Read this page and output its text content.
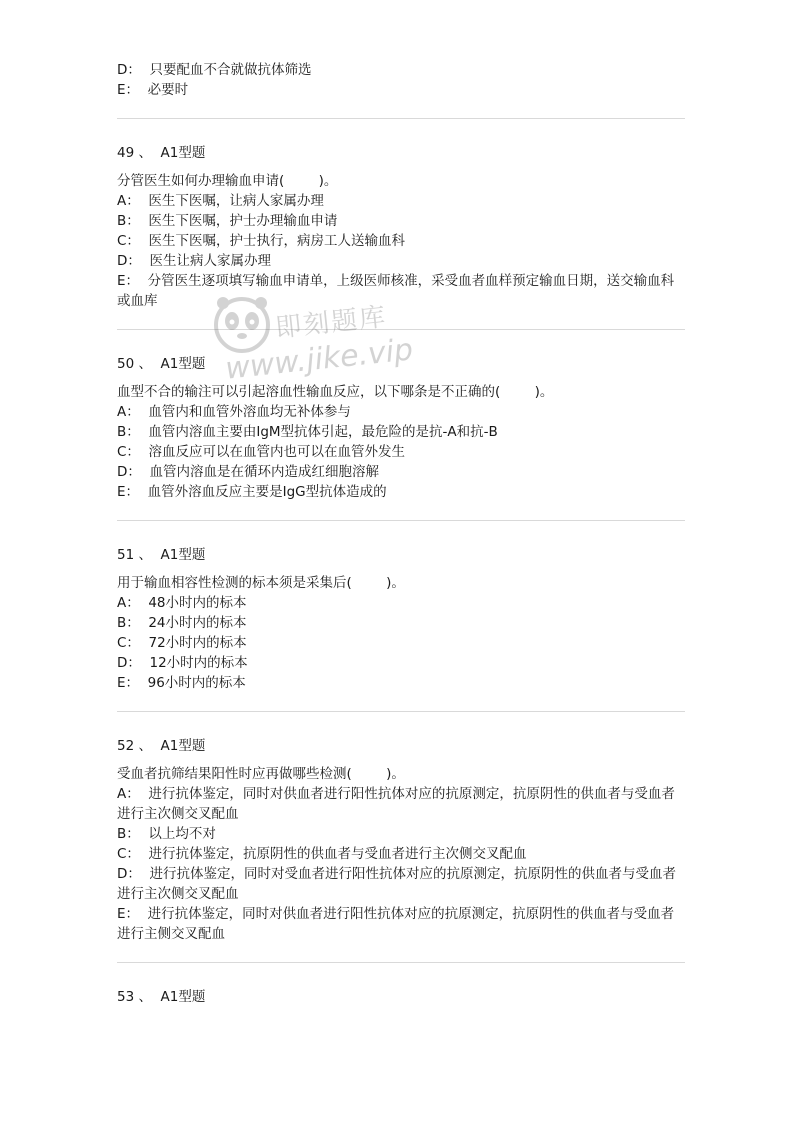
D：  只要配血不合就做抗体筛选
E：  必要时
49 、  A1型题
分管医生如何办理输血申请(        )。
A：  医生下医嘱，让病人家属办理
B：  医生下医嘱，护士办理输血申请
C：  医生下医嘱，护士执行，病房工人送输血科
D：  医生让病人家属办理
E：  分管医生逐项填写输血申请单，上级医师核准，采受血者血样预定输血日期，送交输血科或血库
50 、  A1型题
血型不合的输注可以引起溶血性输血反应，以下哪条是不正确的(        )。
A：  血管内和血管外溶血均无补体参与
B：  血管内溶血主要由IgM型抗体引起，最危险的是抗-A和抗-B
C：  溶血反应可以在血管内也可以在血管外发生
D：  血管内溶血是在循环内造成红细胞溶解
E：  血管外溶血反应主要是IgG型抗体造成的
51 、  A1型题
用于输血相容性检测的标本须是采集后(        )。
A：  48小时内的标本
B：  24小时内的标本
C：  72小时内的标本
D：  12小时内的标本
E：  96小时内的标本
52 、  A1型题
受血者抗筛结果阳性时应再做哪些检测(        )。
A：  进行抗体鉴定，同时对供血者进行阳性抗体对应的抗原测定，抗原阴性的供血者与受血者进行主次侧交叉配血
B：  以上均不对
C：  进行抗体鉴定，抗原阴性的供血者与受血者进行主次侧交叉配血
D：  进行抗体鉴定，同时对受血者进行阳性抗体对应的抗原测定，抗原阴性的供血者与受血者进行主次侧交叉配血
E：  进行抗体鉴定，同时对供血者进行阳性抗体对应的抗原测定，抗原阴性的供血者与受血者进行主侧交叉配血
53 、  A1型题
即刻题库
www.jike.vip
